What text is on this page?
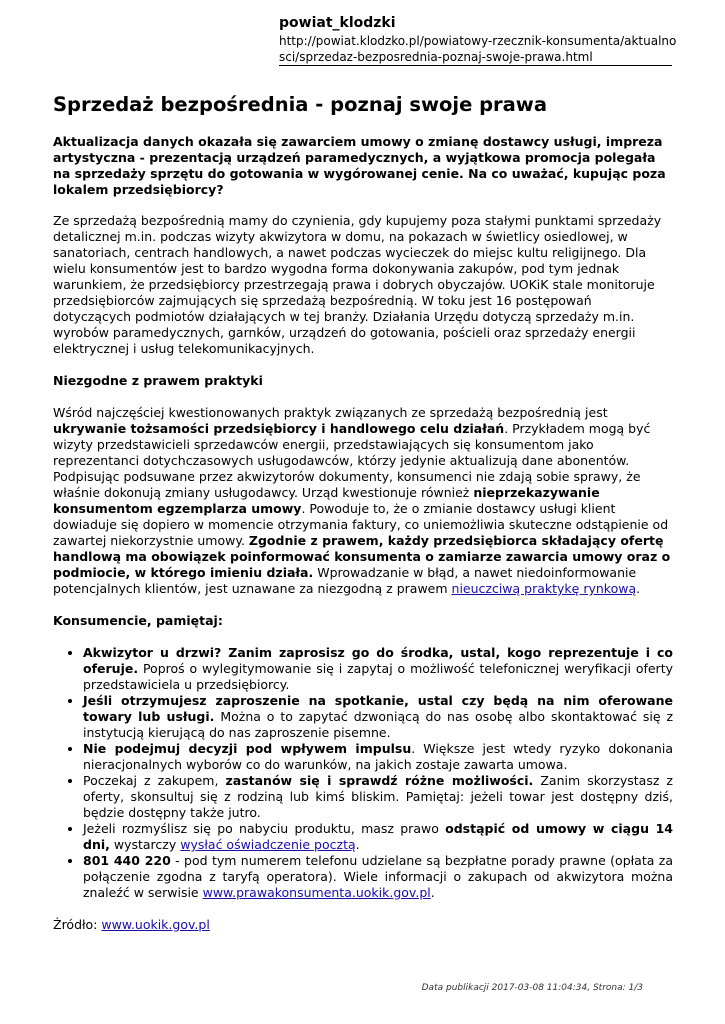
powiat_klodzki
http://powiat.klodzko.pl/powiatowy-rzecznik-konsumenta/aktualnosci/sprzedaz-bezposrednia-poznaj-swoje-prawa.html
Sprzedaż bezpośrednia - poznaj swoje prawa

Aktualizacja danych okazała się zawarciem umowy o zmianę dostawcy usługi, impreza artystyczna - prezentacją urządzeń paramedycznych, a wyjątkowa promocja polegała na sprzedaży sprzętu do gotowania w wygórowanej cenie. Na co uważać, kupując poza lokalem przedsiębiorcy?

Ze sprzedażą bezpośrednią mamy do czynienia, gdy kupujemy poza stałymi punktami sprzedaży detalicznej m.in. podczas wizyty akwizytora w domu, na pokazach w świetlicy osiedlowej, w sanatoriach, centrach handlowych, a nawet podczas wycieczek do miejsc kultu religijnego. Dla wielu konsumentów jest to bardzo wygodna forma dokonywania zakupów, pod tym jednak warunkiem, że przedsiębiorcy przestrzegają prawa i dobrych obyczajów. UOKiK stale monitoruje przedsiębiorców zajmujących się sprzedażą bezpośrednią. W toku jest 16 postępowań dotyczących podmiotów działających w tej branży. Działania Urzędu dotyczą sprzedaży m.in. wyrobów paramedycznych, garnków, urządzeń do gotowania, pościeli oraz sprzedaży energii elektrycznej i usług telekomunikacyjnych.

Niezgodne z prawem praktyki

Wśród najczęściej kwestionowanych praktyk związanych ze sprzedażą bezpośrednią jest ukrywanie tożsamości przedsiębiorcy i handlowego celu działań. Przykładem mogą być wizyty przedstawicieli sprzedawców energii, przedstawiających się konsumentom jako reprezentanci dotychczasowych usługodawców, którzy jedynie aktualizują dane abonentów. Podpisując podsuwane przez akwizytorów dokumenty, konsumenci nie zdają sobie sprawy, że właśnie dokonują zmiany usługodawcy. Urząd kwestionuje również nieprzekazywanie konsumentom egzemplarza umowy. Powoduje to, że o zmianie dostawcy usługi klient dowiaduje się dopiero w momencie otrzymania faktury, co uniemożliwia skuteczne odstąpienie od zawartej niekorzystnie umowy. Zgodnie z prawem, każdy przedsiębiorca składający ofertę handlową ma obowiązek poinformować konsumenta o zamiarze zawarcia umowy oraz o podmiocie, w którego imieniu działa. Wprowadzanie w błąd, a nawet niedoinformowanie potencjalnych klientów, jest uznawane za niezgodną z prawem nieuczciwą praktykę rynkową.

Konsumencie, pamiętaj:

• Akwizytor u drzwi? Zanim zaprosisz go do środka, ustal, kogo reprezentuje i co oferuje. Poproś o wylegitymowanie się i zapytaj o możliwość telefonicznej weryfikacji oferty przedstawiciela u przedsiębiorcy.
• Jeśli otrzymujesz zaproszenie na spotkanie, ustal czy będą na nim oferowane towary lub usługi. Można o to zapytać dzwoniącą do nas osobę albo skontaktować się z instytucją kierującą do nas zaproszenie pisemne.
• Nie podejmuj decyzji pod wpływem impulsu. Większe jest wtedy ryzyko dokonania nieracjonalnych wyborów co do warunków, na jakich zostaje zawarta umowa.
• Poczekaj z zakupem, zastanów się i sprawdź różne możliwości. Zanim skorzystasz z oferty, skonsultuj się z rodziną lub kimś bliskim. Pamiętaj: jeżeli towar jest dostępny dziś, będzie dostępny także jutro.
• Jeżeli rozmyślisz się po nabyciu produktu, masz prawo odstąpić od umowy w ciągu 14 dni, wystarczy wysłać oświadczenie pocztą.
• 801 440 220 - pod tym numerem telefonu udzielane są bezpłatne porady prawne (opłata za połączenie zgodna z taryfą operatora). Wiele informacji o zakupach od akwizytora można znaleźć w serwisie www.prawakonsumenta.uokik.gov.pl.

Źródło: www.uokik.gov.pl

Data publikacji 2017-03-08 11:04:34, Strona: 1/3
